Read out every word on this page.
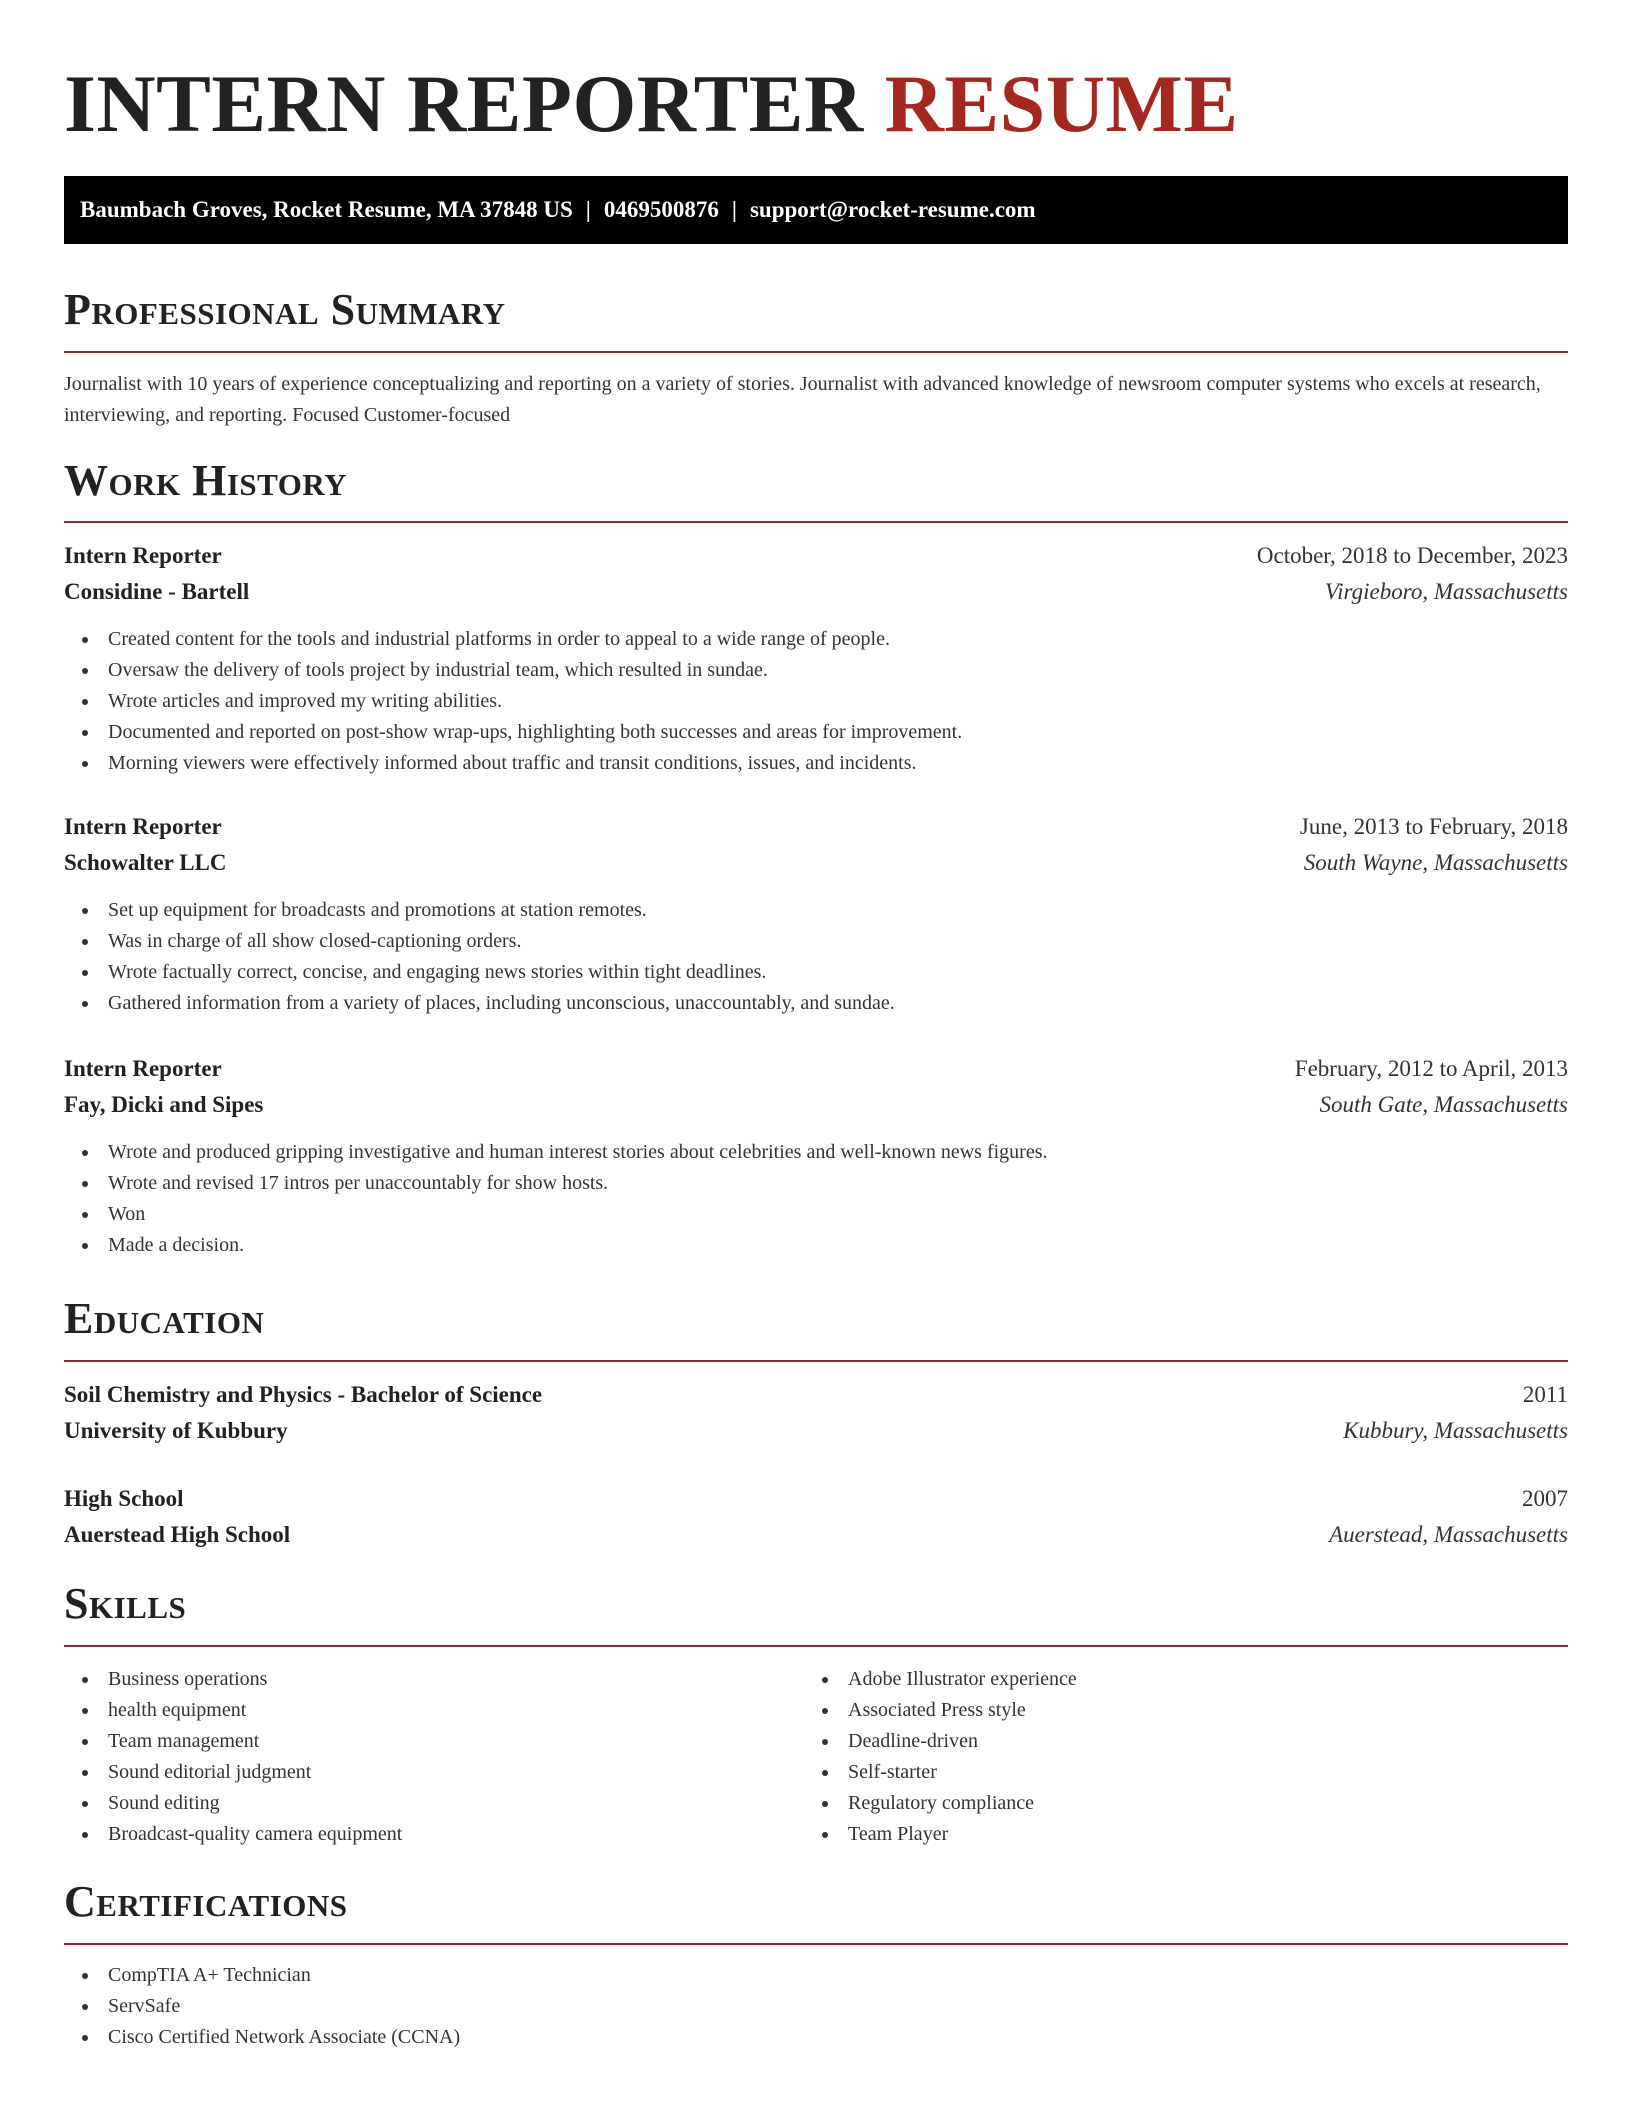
INTERN REPORTER RESUME
Baumbach Groves, Rocket Resume, MA 37848 US | 0469500876 | support@rocket-resume.com
Professional Summary

Journalist with 10 years of experience conceptualizing and reporting on a variety of stories. Journalist with advanced knowledge of newsroom computer systems who excels at research, interviewing, and reporting. Focused Customer-focused

Work History
Intern Reporter	October, 2018 to December, 2023
Considine - Bartell	Virgieboro, Massachusetts
Created content for the tools and industrial platforms in order to appeal to a wide range of people.
Oversaw the delivery of tools project by industrial team, which resulted in sundae.
Wrote articles and improved my writing abilities.
Documented and reported on post-show wrap-ups, highlighting both successes and areas for improvement.
Morning viewers were effectively informed about traffic and transit conditions, issues, and incidents.
Intern Reporter	June, 2013 to February, 2018
Schowalter LLC	South Wayne, Massachusetts
Set up equipment for broadcasts and promotions at station remotes.
Was in charge of all show closed-captioning orders.
Wrote factually correct, concise, and engaging news stories within tight deadlines.
Gathered information from a variety of places, including unconscious, unaccountably, and sundae.
Intern Reporter	February, 2012 to April, 2013
Fay, Dicki and Sipes	South Gate, Massachusetts
Wrote and produced gripping investigative and human interest stories about celebrities and well-known news figures.
Wrote and revised 17 intros per unaccountably for show hosts.
Won
Made a decision.
Education
Soil Chemistry and Physics - Bachelor of Science	2011
University of Kubbury	Kubbury, Massachusetts
High School	2007
Auerstead High School	Auerstead, Massachusetts
Skills
Business operations
health equipment
Team management
Sound editorial judgment
Sound editing
Broadcast-quality camera equipment
Adobe Illustrator experience
Associated Press style
Deadline-driven
Self-starter
Regulatory compliance
Team Player
Certifications
CompTIA A+ Technician
ServSafe
Cisco Certified Network Associate (CCNA)
